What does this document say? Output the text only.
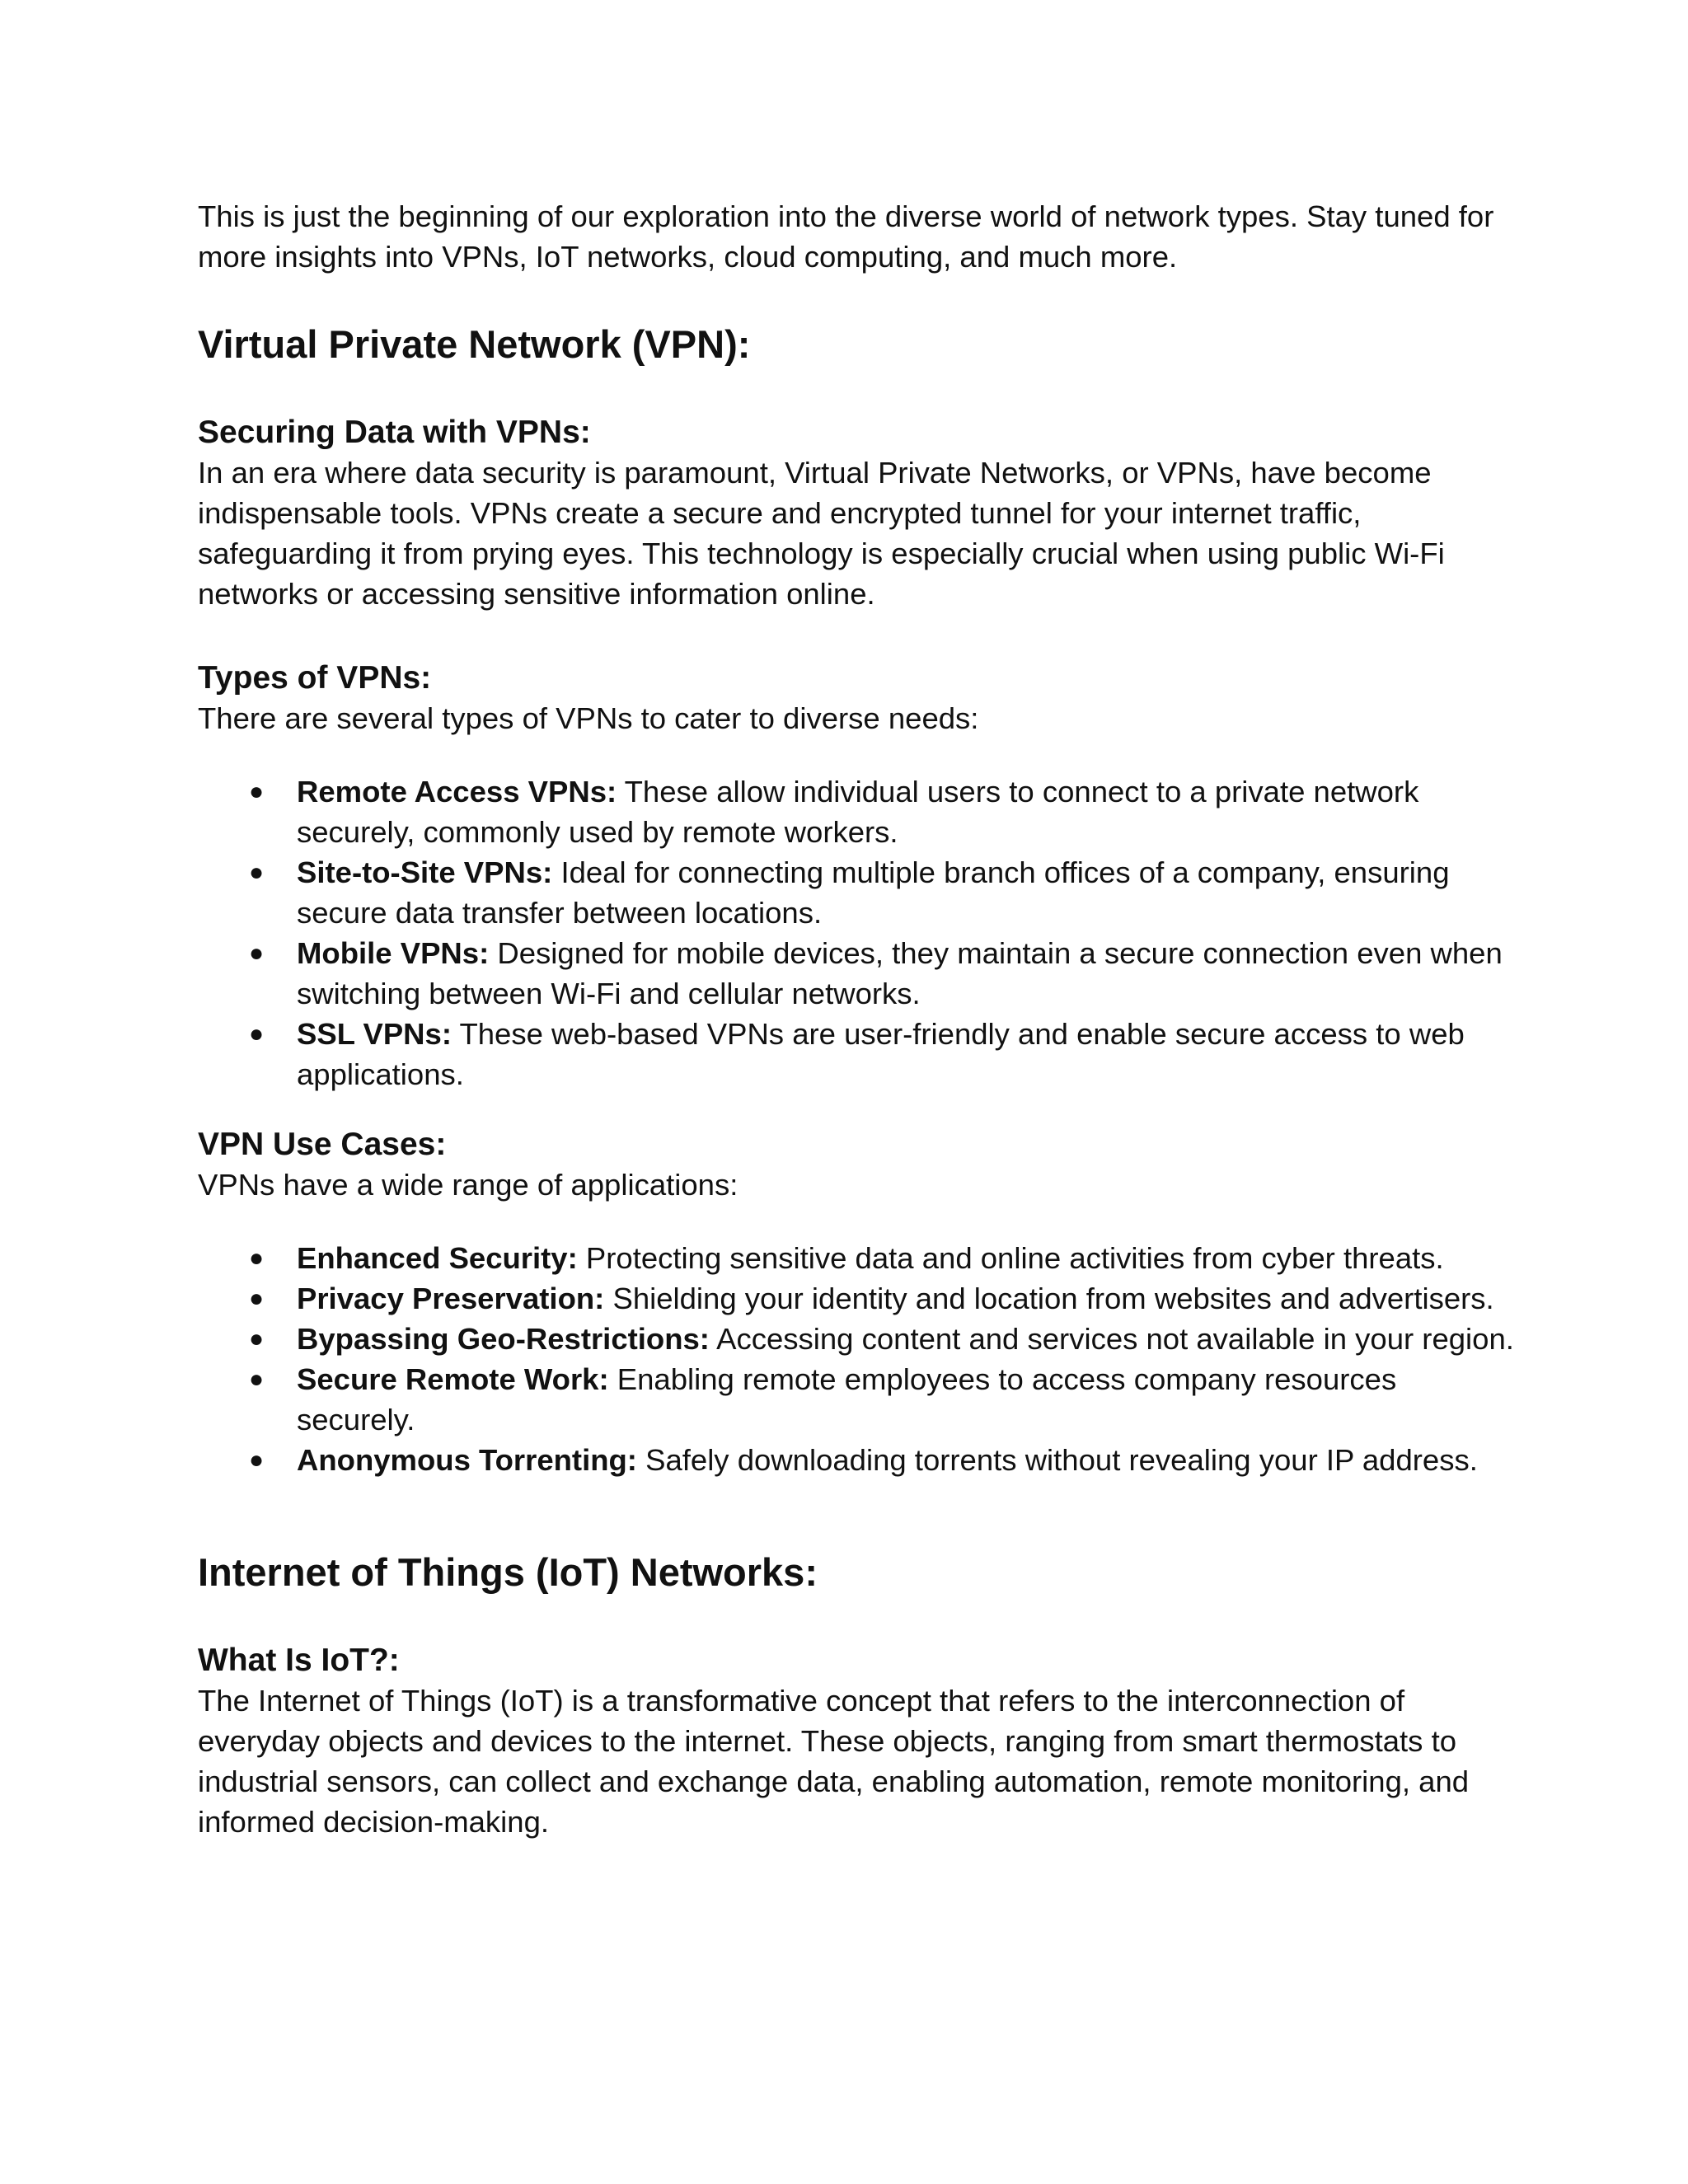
This is just the beginning of our exploration into the diverse world of network types. Stay tuned for more insights into VPNs, IoT networks, cloud computing, and much more.

Virtual Private Network (VPN):
Securing Data with VPNs:

In an era where data security is paramount, Virtual Private Networks, or VPNs, have become indispensable tools. VPNs create a secure and encrypted tunnel for your internet traffic, safeguarding it from prying eyes. This technology is especially crucial when using public Wi-Fi networks or accessing sensitive information online.

Types of VPNs:

There are several types of VPNs to cater to diverse needs:

● Remote Access VPNs: These allow individual users to connect to a private network securely, commonly used by remote workers.
● Site-to-Site VPNs: Ideal for connecting multiple branch offices of a company, ensuring secure data transfer between locations.
● Mobile VPNs: Designed for mobile devices, they maintain a secure connection even when switching between Wi-Fi and cellular networks.
● SSL VPNs: These web-based VPNs are user-friendly and enable secure access to web applications.
VPN Use Cases:

VPNs have a wide range of applications:

● Enhanced Security: Protecting sensitive data and online activities from cyber threats.
● Privacy Preservation: Shielding your identity and location from websites and advertisers.
● Bypassing Geo-Restrictions: Accessing content and services not available in your region.
● Secure Remote Work: Enabling remote employees to access company resources securely.
● Anonymous Torrenting: Safely downloading torrents without revealing your IP address.
Internet of Things (IoT) Networks:
What Is IoT?:

The Internet of Things (IoT) is a transformative concept that refers to the interconnection of everyday objects and devices to the internet. These objects, ranging from smart thermostats to industrial sensors, can collect and exchange data, enabling automation, remote monitoring, and informed decision-making.
